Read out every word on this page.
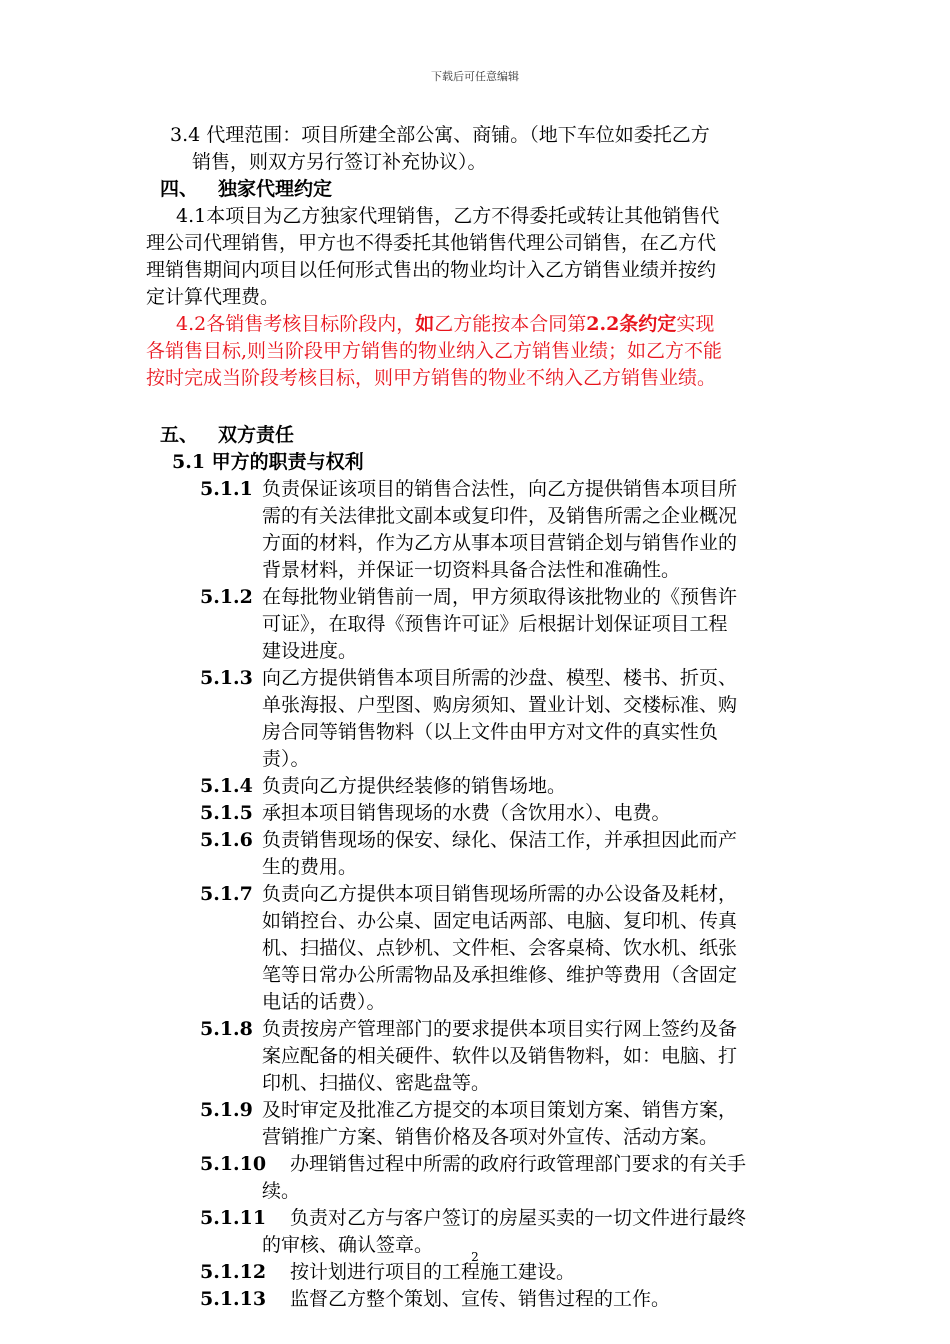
下载后可任意编辑

3.4 代理范围：项目所建全部公寓、商铺。（地下车位如委托乙方

销售，则双方另行签订补充协议）。

四、 独家代理约定

4.1本项目为乙方独家代理销售，乙方不得委托或转让其他销售代

理公司代理销售，甲方也不得委托其他销售代理公司销售，在乙方代

理销售期间内项目以任何形式售出的物业均计入乙方销售业绩并按约

定计算代理费。

4.2各销售考核目标阶段内，如乙方能按本合同第2.2条约定实现

各销售目标,则当阶段甲方销售的物业纳入乙方销售业绩；如乙方不能

按时完成当阶段考核目标，则甲方销售的物业不纳入乙方销售业绩。

五、 双方责任

5.1 甲方的职责与权利

5.1.1 负责保证该项目的销售合法性，向乙方提供销售本项目所
需的有关法律批文副本或复印件，及销售所需之企业概况
方面的材料，作为乙方从事本项目营销企划与销售作业的
背景材料，并保证一切资料具备合法性和准确性。
5.1.2 在每批物业销售前一周，甲方须取得该批物业的《预售许
可证》，在取得《预售许可证》后根据计划保证项目工程
建设进度。
5.1.3 向乙方提供销售本项目所需的沙盘、模型、楼书、折页、
单张海报、户型图、购房须知、置业计划、交楼标准、购
房合同等销售物料（以上文件由甲方对文件的真实性负
责）。
5.1.4 负责向乙方提供经装修的销售场地。
5.1.5 承担本项目销售现场的水费（含饮用水）、电费。
5.1.6 负责销售现场的保安、绿化、保洁工作，并承担因此而产
生的费用。
5.1.7 负责向乙方提供本项目销售现场所需的办公设备及耗材，
如销控台、办公桌、固定电话两部、电脑、复印机、传真
机、扫描仪、点钞机、文件柜、会客桌椅、饮水机、纸张
笔等日常办公所需物品及承担维修、维护等费用（含固定
电话的话费）。
5.1.8 负责按房产管理部门的要求提供本项目实行网上签约及备
案应配备的相关硬件、软件以及销售物料，如：电脑、打
印机、扫描仪、密匙盘等。
5.1.9 及时审定及批准乙方提交的本项目策划方案、销售方案，
营销推广方案、销售价格及各项对外宣传、活动方案。
5.1.10	办理销售过程中所需的政府行政管理部门要求的有关手
续。
5.1.11	负责对乙方与客户签订的房屋买卖的一切文件进行最终
的审核、确认签章。
5.1.12	按计划进行项目的工程施工建设。
5.1.13	监督乙方整个策划、宣传、销售过程的工作。
2
